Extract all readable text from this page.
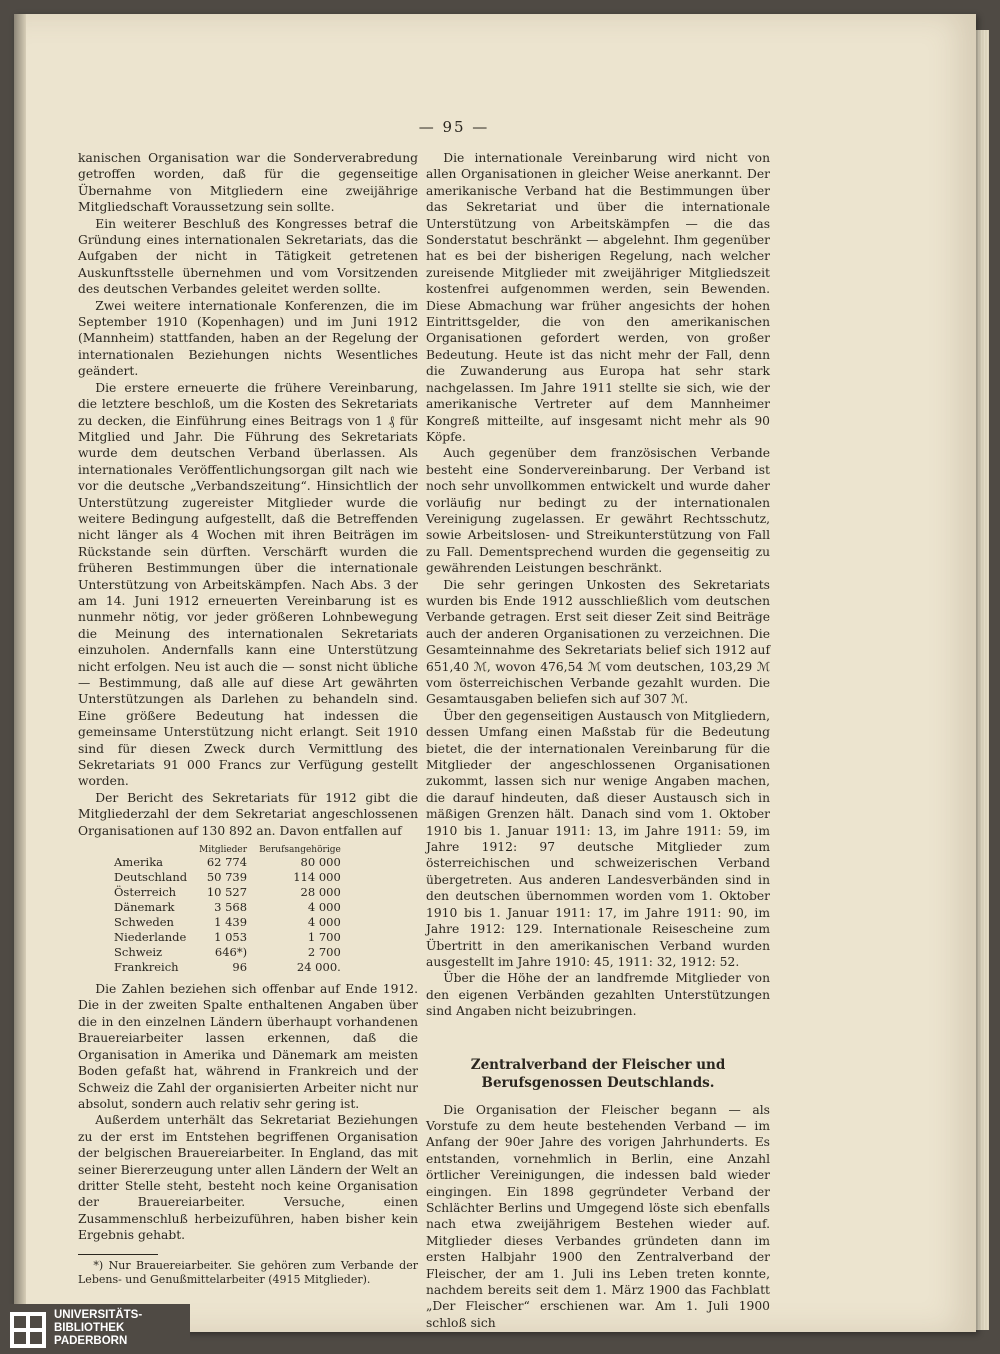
— 95 —

kanischen Organisation war die Sonderverabredung getroffen worden, daß für die gegenseitige Übernahme von Mitgliedern eine zweijährige Mitgliedschaft Voraussetzung sein sollte.

Ein weiterer Beschluß des Kongresses betraf die Gründung eines internationalen Sekretariats, das die Aufgaben der nicht in Tätigkeit getretenen Auskunftsstelle übernehmen und vom Vorsitzenden des deutschen Verbandes geleitet werden sollte.

Zwei weitere internationale Konferenzen, die im September 1910 (Kopenhagen) und im Juni 1912 (Mannheim) stattfanden, haben an der Regelung der internationalen Beziehungen nichts Wesentliches geändert.

Die erstere erneuerte die frühere Vereinbarung, die letztere beschloß, um die Kosten des Sekretariats zu decken, die Einführung eines Beitrags von 1 ₰ für Mitglied und Jahr. Die Führung des Sekretariats wurde dem deutschen Verband überlassen. Als internationales Veröffentlichungsorgan gilt nach wie vor die deutsche „Verbandszeitung“. Hinsichtlich der Unterstützung zugereister Mitglieder wurde die weitere Bedingung aufgestellt, daß die Betreffenden nicht länger als 4 Wochen mit ihren Beiträgen im Rückstande sein dürften. Verschärft wurden die früheren Bestimmungen über die internationale Unterstützung von Arbeitskämpfen. Nach Abs. 3 der am 14. Juni 1912 erneuerten Vereinbarung ist es nunmehr nötig, vor jeder größeren Lohnbewegung die Meinung des internationalen Sekretariats einzuholen. Andernfalls kann eine Unterstützung nicht erfolgen. Neu ist auch die — sonst nicht übliche — Bestimmung, daß alle auf diese Art gewährten Unterstützungen als Darlehen zu behandeln sind. Eine größere Bedeutung hat indessen die gemeinsame Unterstützung nicht erlangt. Seit 1910 sind für diesen Zweck durch Vermittlung des Sekretariats 91 000 Francs zur Verfügung gestellt worden.

Der Bericht des Sekretariats für 1912 gibt die Mitgliederzahl der dem Sekretariat angeschlossenen Organisationen auf 130 892 an. Davon entfallen auf

	Mitglieder	Berufsangehörige
Amerika	62 774	80 000
Deutschland	50 739	114 000
Österreich	10 527	28 000
Dänemark	3 568	4 000
Schweden	1 439	4 000
Niederlande	1 053	1 700
Schweiz	646*)	2 700
Frankreich	96	24 000.

Die Zahlen beziehen sich offenbar auf Ende 1912. Die in der zweiten Spalte enthaltenen Angaben über die in den einzelnen Ländern überhaupt vorhandenen Brauereiarbeiter lassen erkennen, daß die Organisation in Amerika und Dänemark am meisten Boden gefaßt hat, während in Frankreich und der Schweiz die Zahl der organisierten Arbeiter nicht nur absolut, sondern auch relativ sehr gering ist.

Außerdem unterhält das Sekretariat Beziehungen zu der erst im Entstehen begriffenen Organisation der belgischen Brauereiarbeiter. In England, das mit seiner Biererzeugung unter allen Ländern der Welt an dritter Stelle steht, besteht noch keine Organisation der Brauereiarbeiter. Versuche, einen Zusammenschluß herbeizuführen, haben bisher kein Ergebnis gehabt.

*) Nur Brauereiarbeiter. Sie gehören zum Verbande der Lebens- und Genußmittelarbeiter (4915 Mitglieder).

Die internationale Vereinbarung wird nicht von allen Organisationen in gleicher Weise anerkannt. Der amerikanische Verband hat die Bestimmungen über das Sekretariat und über die internationale Unterstützung von Arbeitskämpfen — die das Sonderstatut beschränkt — abgelehnt. Ihm gegenüber hat es bei der bisherigen Regelung, nach welcher zureisende Mitglieder mit zweijähriger Mitgliedszeit kostenfrei aufgenommen werden, sein Bewenden. Diese Abmachung war früher angesichts der hohen Eintrittsgelder, die von den amerikanischen Organisationen gefordert werden, von großer Bedeutung. Heute ist das nicht mehr der Fall, denn die Zuwanderung aus Europa hat sehr stark nachgelassen. Im Jahre 1911 stellte sie sich, wie der amerikanische Vertreter auf dem Mannheimer Kongreß mitteilte, auf insgesamt nicht mehr als 90 Köpfe.

Auch gegenüber dem französischen Verbande besteht eine Sondervereinbarung. Der Verband ist noch sehr unvollkommen entwickelt und wurde daher vorläufig nur bedingt zu der internationalen Vereinigung zugelassen. Er gewährt Rechtsschutz, sowie Arbeitslosen- und Streikunterstützung von Fall zu Fall. Dementsprechend wurden die gegenseitig zu gewährenden Leistungen beschränkt.

Die sehr geringen Unkosten des Sekretariats wurden bis Ende 1912 ausschließlich vom deutschen Verbande getragen. Erst seit dieser Zeit sind Beiträge auch der anderen Organisationen zu verzeichnen. Die Gesamteinnahme des Sekretariats belief sich 1912 auf 651,40 ℳ, wovon 476,54 ℳ vom deutschen, 103,29 ℳ vom österreichischen Verbande gezahlt wurden. Die Gesamtausgaben beliefen sich auf 307 ℳ.

Über den gegenseitigen Austausch von Mitgliedern, dessen Umfang einen Maßstab für die Bedeutung bietet, die der internationalen Vereinbarung für die Mitglieder der angeschlossenen Organisationen zukommt, lassen sich nur wenige Angaben machen, die darauf hindeuten, daß dieser Austausch sich in mäßigen Grenzen hält. Danach sind vom 1. Oktober 1910 bis 1. Januar 1911: 13, im Jahre 1911: 59, im Jahre 1912: 97 deutsche Mitglieder zum österreichischen und schweizerischen Verband übergetreten. Aus anderen Landesverbänden sind in den deutschen übernommen worden vom 1. Oktober 1910 bis 1. Januar 1911: 17, im Jahre 1911: 90, im Jahre 1912: 129. Internationale Reisescheine zum Übertritt in den amerikanischen Verband wurden ausgestellt im Jahre 1910: 45, 1911: 32, 1912: 52.

Über die Höhe der an landfremde Mitglieder von den eigenen Verbänden gezahlten Unterstützungen sind Angaben nicht beizubringen.

Zentralverband der Fleischer und Berufsgenossen Deutschlands.

Die Organisation der Fleischer begann — als Vorstufe zu dem heute bestehenden Verband — im Anfang der 90er Jahre des vorigen Jahrhunderts. Es entstanden, vornehmlich in Berlin, eine Anzahl örtlicher Vereinigungen, die indessen bald wieder eingingen. Ein 1898 gegründeter Verband der Schlächter Berlins und Umgegend löste sich ebenfalls nach etwa zweijährigem Bestehen wieder auf. Mitglieder dieses Verbandes gründeten dann im ersten Halbjahr 1900 den Zentralverband der Fleischer, der am 1. Juli ins Leben treten konnte, nachdem bereits seit dem 1. März 1900 das Fachblatt „Der Fleischer“ erschienen war. Am 1. Juli 1900 schloß sich

UNIVERSITÄTS-
BIBLIOTHEK
PADERBORN
